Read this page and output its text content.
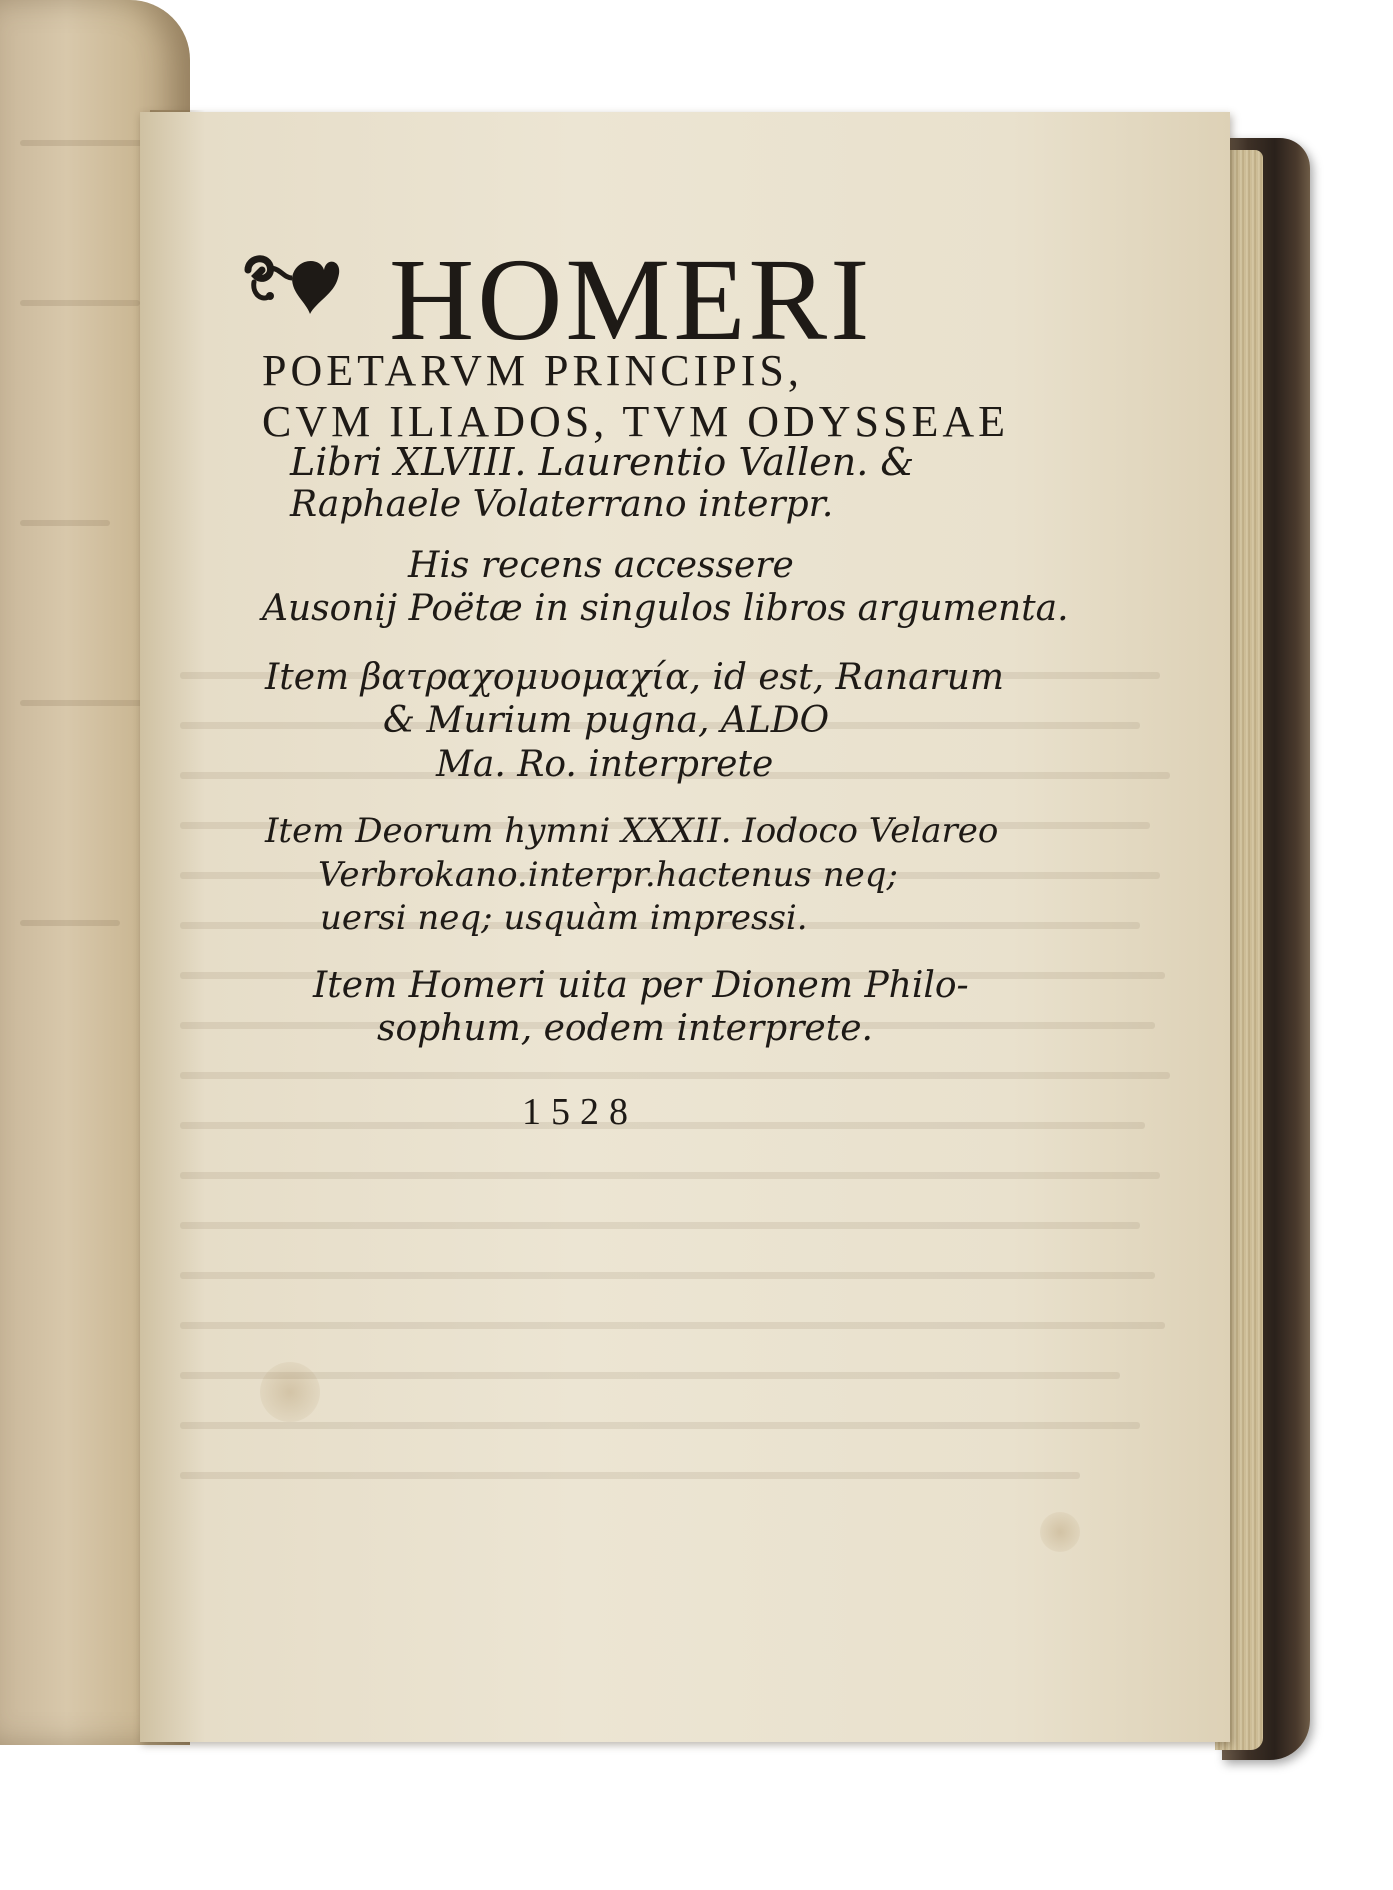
HOMERI
POETARVM PRINCIPIS,
CVM ILIADOS, TVM ODYSSEAE
Libri XLVIII. Laurentio Vallen. &
Raphaele Volaterrano interpr.
His recens accessere
Ausonij Poëtæ in singulos libros argumenta.
Item βατραχομυομαχία, id est, Ranarum
& Murium pugna, ALDO
Ma. Ro. interprete
Item Deorum hymni XXXII. Iodoco Velareo
Verbrokano.interpr.hactenus neq;
uersi neq; usquàm impressi.
Item Homeri uita per Dionem Philo-
sophum, eodem interprete.
1528
